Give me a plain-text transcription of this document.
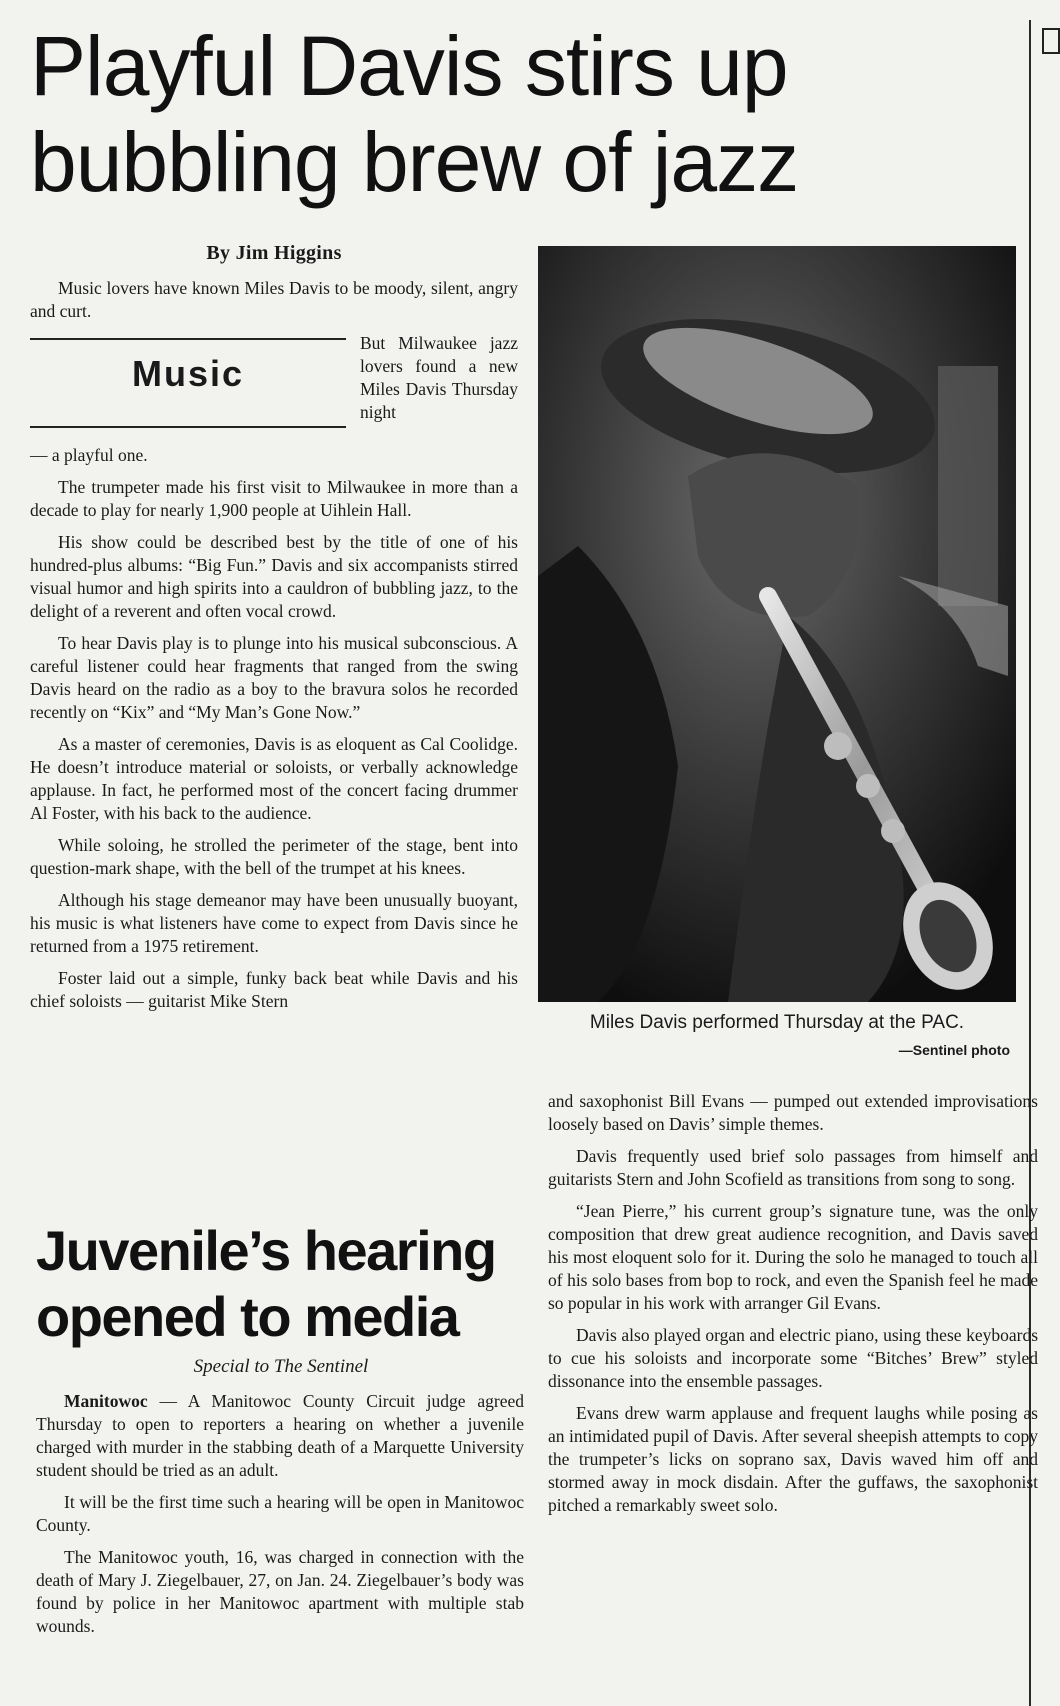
Playful Davis stirs up bubbling brew of jazz
By Jim Higgins

Music lovers have known Miles Davis to be moody, silent, angry and curt.

Music
But Milwaukee jazz lovers found a new Miles Davis Thursday night

— a playful one.

The trumpeter made his first visit to Milwaukee in more than a decade to play for nearly 1,900 people at Uihlein Hall.

His show could be described best by the title of one of his hundred-plus albums: “Big Fun.” Davis and six accompanists stirred visual humor and high spirits into a cauldron of bubbling jazz, to the delight of a reverent and often vocal crowd.

To hear Davis play is to plunge into his musical subconscious. A careful listener could hear fragments that ranged from the swing Davis heard on the radio as a boy to the bravura solos he recorded recently on “Kix” and “My Man’s Gone Now.”

As a master of ceremonies, Davis is as eloquent as Cal Coolidge. He doesn’t introduce material or soloists, or verbally acknowledge applause. In fact, he performed most of the concert facing drummer Al Foster, with his back to the audience.

While soloing, he strolled the perimeter of the stage, bent into question-mark shape, with the bell of the trumpet at his knees.

Although his stage demeanor may have been unusually buoyant, his music is what listeners have come to expect from Davis since he returned from a 1975 retirement.

Foster laid out a simple, funky back beat while Davis and his chief soloists — guitarist Mike Stern

Miles Davis performed Thursday at the PAC.
—Sentinel photo

and saxophonist Bill Evans — pumped out extended improvisations loosely based on Davis’ simple themes.

Davis frequently used brief solo passages from himself and guitarists Stern and John Scofield as transitions from song to song.

“Jean Pierre,” his current group’s signature tune, was the only composition that drew great audience recognition, and Davis saved his most eloquent solo for it. During the solo he managed to touch all of his solo bases from bop to rock, and even the Spanish feel he made so popular in his work with arranger Gil Evans.

Davis also played organ and electric piano, using these keyboards to cue his soloists and incorporate some “Bitches’ Brew” styled dissonance into the ensemble passages.

Evans drew warm applause and frequent laughs while posing as an intimidated pupil of Davis. After several sheepish attempts to copy the trumpeter’s licks on soprano sax, Davis waved him off and stormed away in mock disdain. After the guffaws, the saxophonist pitched a remarkably sweet solo.

Juvenile’s hearing opened to media
Special to The Sentinel

Manitowoc — A Manitowoc County Circuit judge agreed Thursday to open to reporters a hearing on whether a juvenile charged with murder in the stabbing death of a Marquette University student should be tried as an adult.

It will be the first time such a hearing will be open in Manitowoc County.

The Manitowoc youth, 16, was charged in connection with the death of Mary J. Ziegelbauer, 27, on Jan. 24. Ziegelbauer’s body was found by police in her Manitowoc apartment with multiple stab wounds.
